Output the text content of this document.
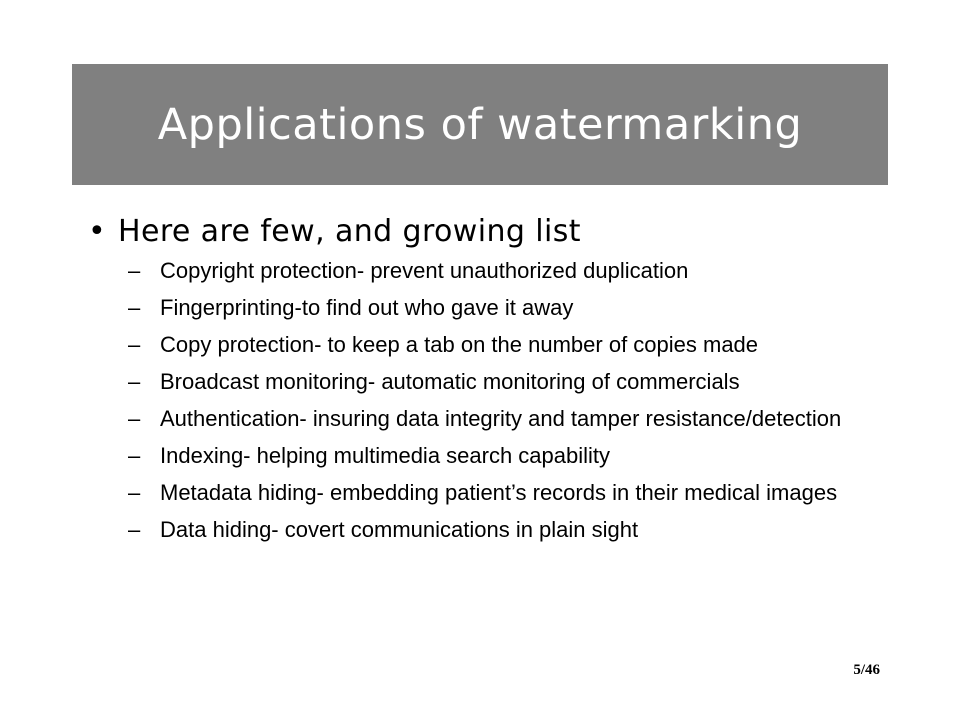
Applications of watermarking
• Here are few, and growing list
– Copyright protection- prevent unauthorized duplication
– Fingerprinting-to find out who gave it away
– Copy protection- to keep a tab on the number of copies made
– Broadcast monitoring- automatic monitoring of commercials
– Authentication- insuring data integrity and tamper resistance/detection
– Indexing- helping multimedia search capability
– Metadata hiding- embedding patient’s records in their medical images
– Data hiding- covert communications in plain sight
5/46
